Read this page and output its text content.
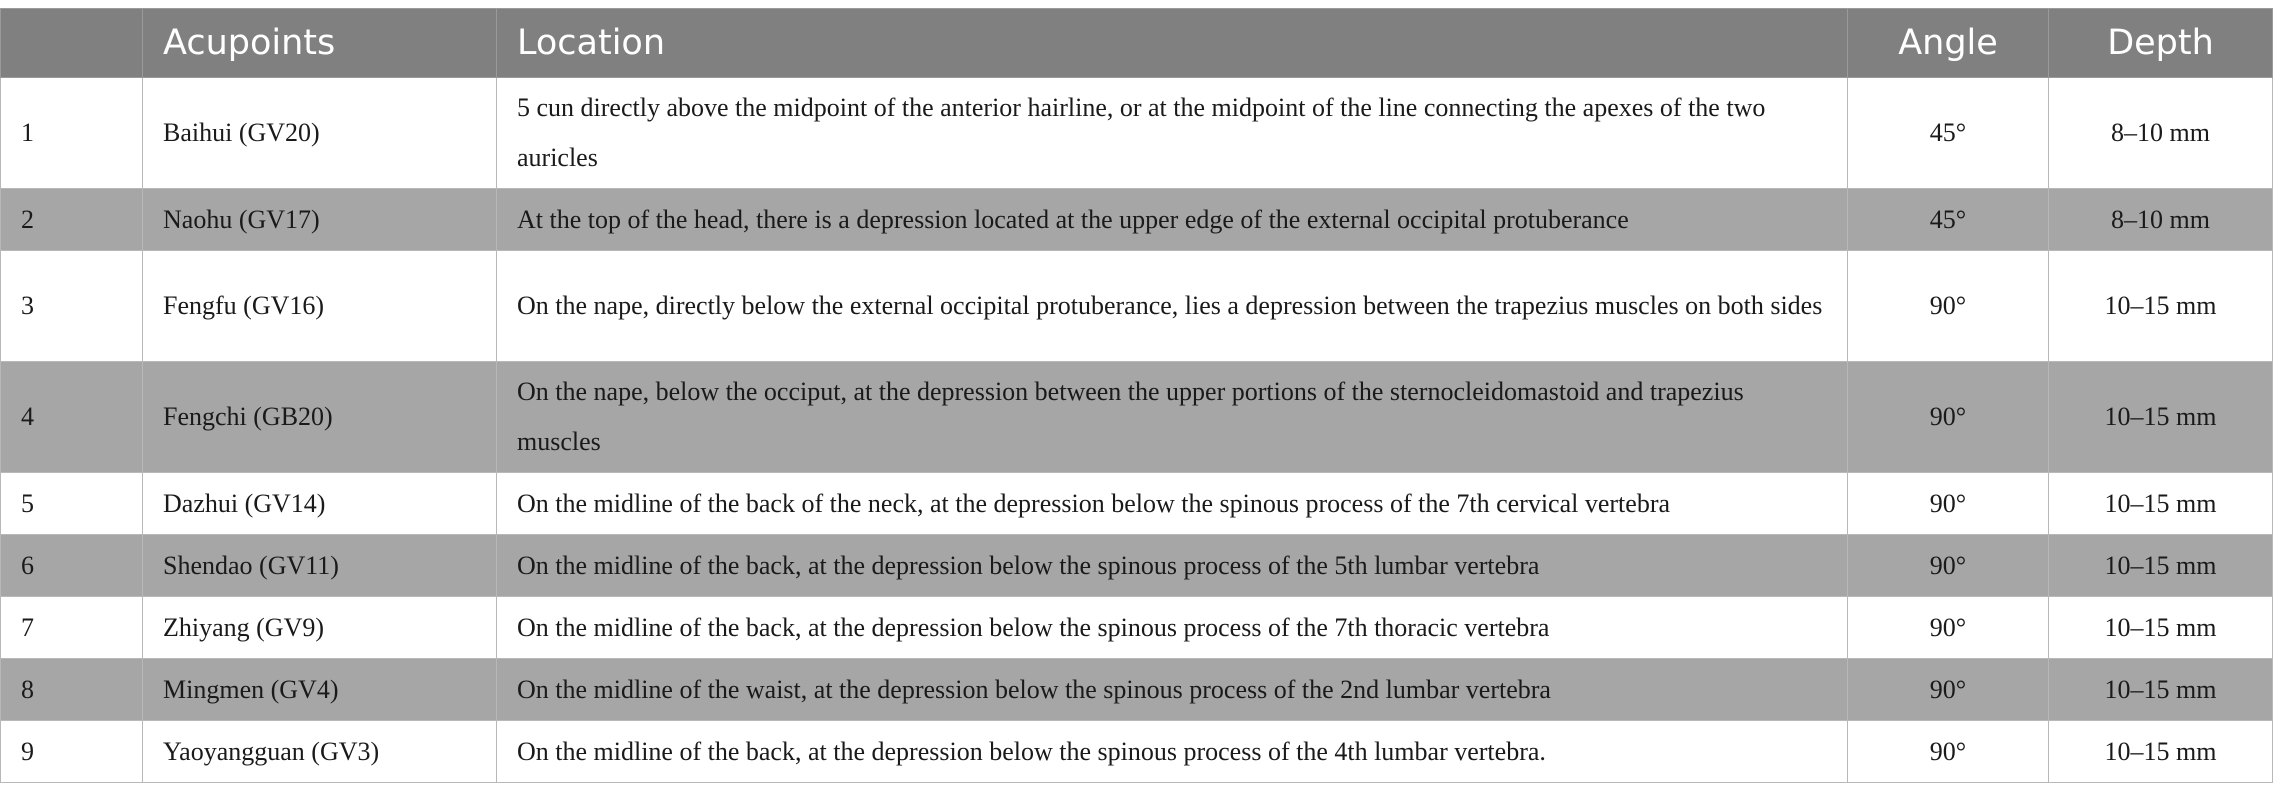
	Acupoints	Location	Angle	Depth
1	Baihui (GV20)	5 cun directly above the midpoint of the anterior hairline, or at the midpoint of the line connecting the apexes of the two auricles	45°	8–10 mm
2	Naohu (GV17)	At the top of the head, there is a depression located at the upper edge of the external occipital protuberance	45°	8–10 mm
3	Fengfu (GV16)	On the nape, directly below the external occipital protuberance, lies a depression between the trapezius muscles on both sides	90°	10–15 mm
4	Fengchi (GB20)	On the nape, below the occiput, at the depression between the upper portions of the sternocleidomastoid and trapezius muscles	90°	10–15 mm
5	Dazhui (GV14)	On the midline of the back of the neck, at the depression below the spinous process of the 7th cervical vertebra	90°	10–15 mm
6	Shendao (GV11)	On the midline of the back, at the depression below the spinous process of the 5th lumbar vertebra	90°	10–15 mm
7	Zhiyang (GV9)	On the midline of the back, at the depression below the spinous process of the 7th thoracic vertebra	90°	10–15 mm
8	Mingmen (GV4)	On the midline of the waist, at the depression below the spinous process of the 2nd lumbar vertebra	90°	10–15 mm
9	Yaoyangguan (GV3)	On the midline of the back, at the depression below the spinous process of the 4th lumbar vertebra.	90°	10–15 mm
